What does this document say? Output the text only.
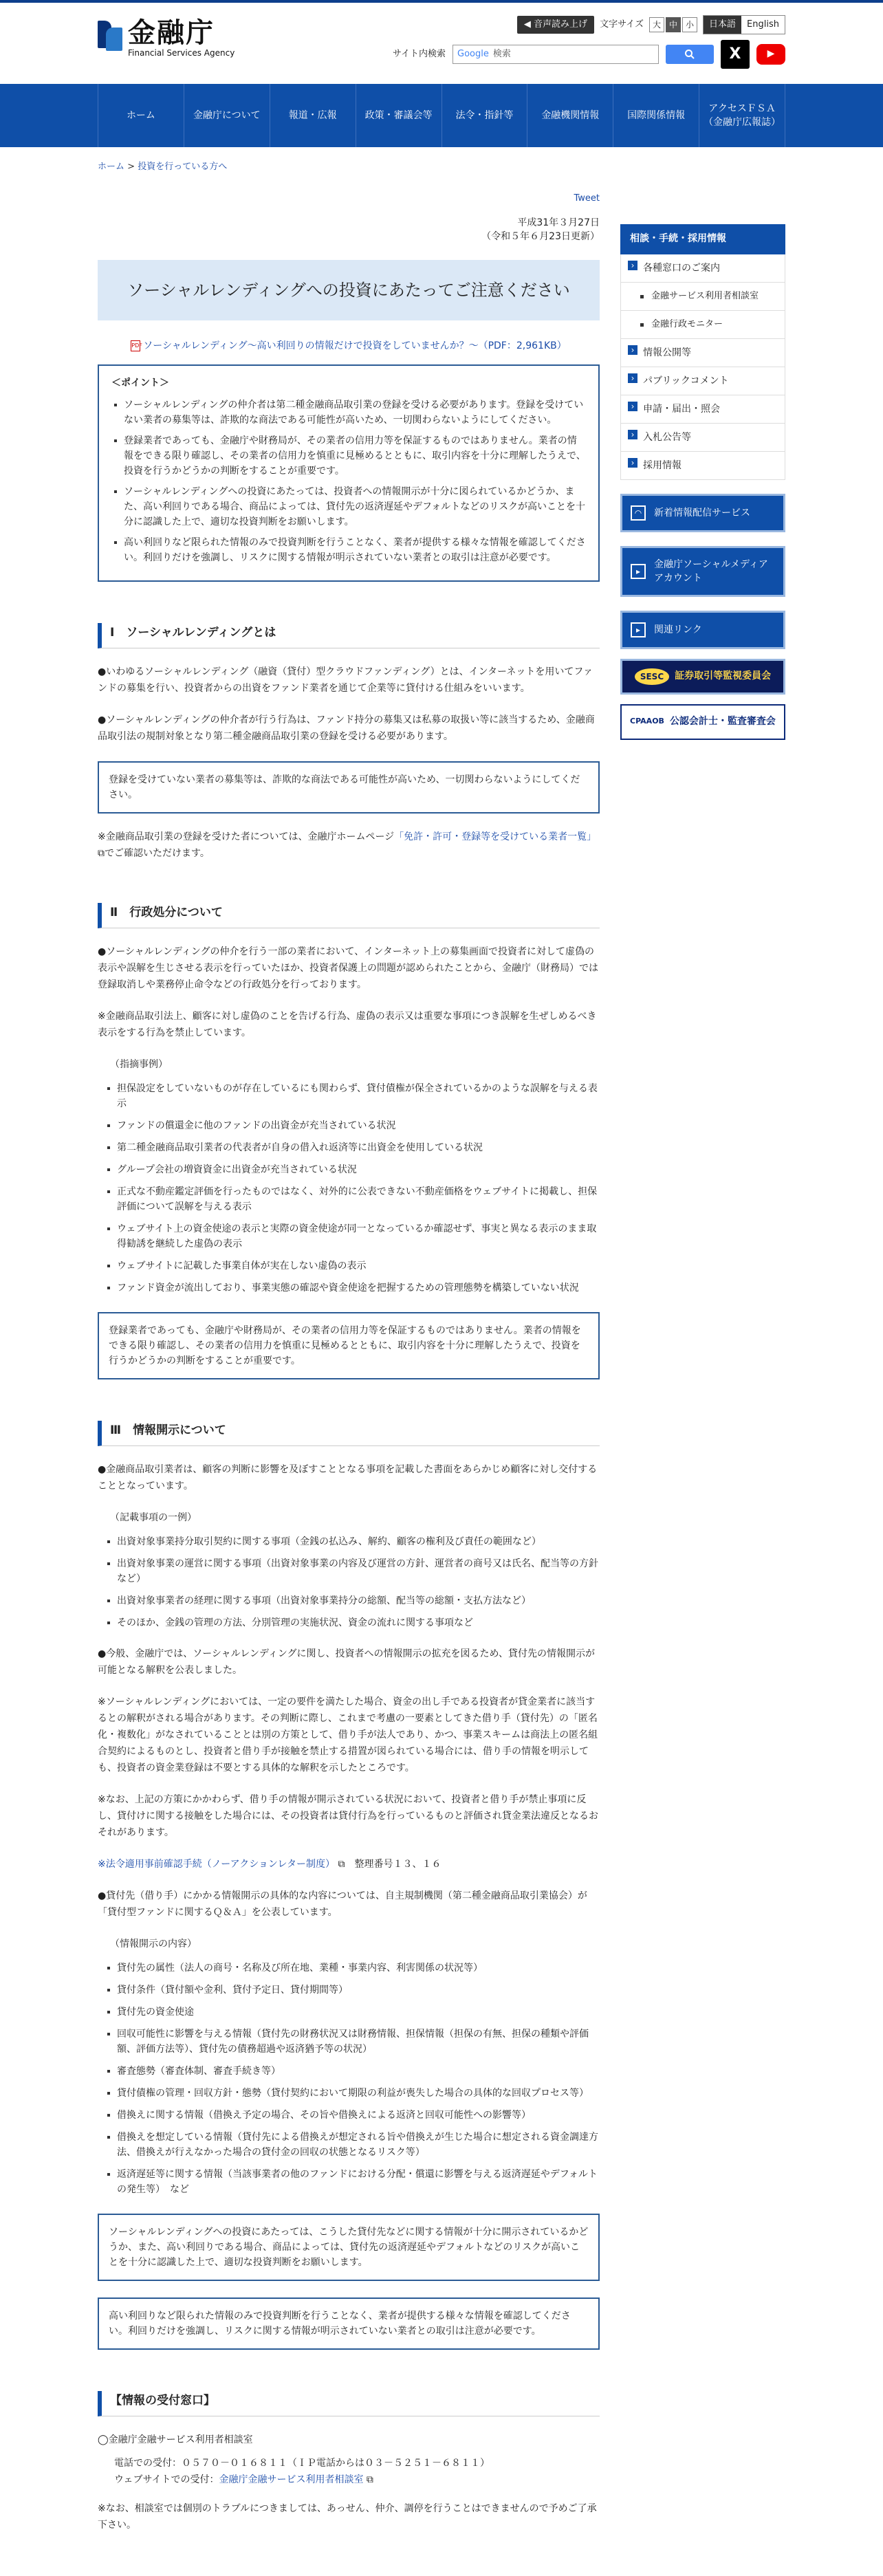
金融庁
Financial Services Agency
◀ 音声読み上げ	文字サイズ	大 中 小	日本語	English
サイト内検索 Google 検索	X	▶
ホーム	金融庁について	報道・広報	政策・審議会等	法令・指針等	金融機関情報	国際関係情報
アクセスＦＳＡ（金融庁広報誌）
ホーム > 投資を行っている方へ
Tweet
平成31年３月27日
（令和５年６月23日更新）
ソーシャルレンディングへの投資にあたってご注意ください
PDFソーシャルレンディング～高い利回りの情報だけで投資をしていませんか？～（PDF：2,961KB）
＜ポイント＞
ソーシャルレンディングの仲介者は第二種金融商品取引業の登録を受ける必要があります。登録を受けていない業者の募集等は、詐欺的な商法である可能性が高いため、一切関わらないようにしてください。
登録業者であっても、金融庁や財務局が、その業者の信用力等を保証するものではありません。業者の情報をできる限り確認し、その業者の信用力を慎重に見極めるとともに、取引内容を十分に理解したうえで、投資を行うかどうかの判断をすることが重要です。
ソーシャルレンディングへの投資にあたっては、投資者への情報開示が十分に図られているかどうか、また、高い利回りである場合、商品によっては、貸付先の返済遅延やデフォルトなどのリスクが高いことを十分に認識した上で、適切な投資判断をお願いします。
高い利回りなど限られた情報のみで投資判断を行うことなく、業者が提供する様々な情報を確認してください。利回りだけを強調し、リスクに関する情報が明示されていない業者との取引は注意が必要です。
Ⅰ　ソーシャルレンディングとは

●いわゆるソーシャルレンディング（融資（貸付）型クラウドファンディング）とは、インターネットを用いてファンドの募集を行い、投資者からの出資をファンド業者を通じて企業等に貸付ける仕組みをいいます。

●ソーシャルレンディングの仲介者が行う行為は、ファンド持分の募集又は私募の取扱い等に該当するため、金融商品取引法の規制対象となり第二種金融商品取引業の登録を受ける必要があります。

登録を受けていない業者の募集等は、詐欺的な商法である可能性が高いため、一切関わらないようにしてください。

※金融商品取引業の登録を受けた者については、金融庁ホームページ「免許・許可・登録等を受けている業者一覧」 ⧉でご確認いただけます。

Ⅱ　行政処分について

●ソーシャルレンディングの仲介を行う一部の業者において、インターネット上の募集画面で投資者に対して虚偽の表示や誤解を生じさせる表示を行っていたほか、投資者保護上の問題が認められたことから、金融庁（財務局）では登録取消しや業務停止命令などの行政処分を行っております。

※金融商品取引法上、顧客に対し虚偽のことを告げる行為、虚偽の表示又は重要な事項につき誤解を生ぜしめるべき表示をする行為を禁止しています。

（指摘事例）

担保設定をしていないものが存在しているにも関わらず、貸付債権が保全されているかのような誤解を与える表示
ファンドの償還金に他のファンドの出資金が充当されている状況
第二種金融商品取引業者の代表者が自身の借入れ返済等に出資金を使用している状況
グループ会社の増資資金に出資金が充当されている状況
正式な不動産鑑定評価を行ったものではなく、対外的に公表できない不動産価格をウェブサイトに掲載し、担保評価について誤解を与える表示
ウェブサイト上の資金使途の表示と実際の資金使途が同一となっているか確認せず、事実と異なる表示のまま取得勧誘を継続した虚偽の表示
ウェブサイトに記載した事業自体が実在しない虚偽の表示
ファンド資金が流出しており、事業実態の確認や資金使途を把握するための管理態勢を構築していない状況
登録業者であっても、金融庁や財務局が、その業者の信用力等を保証するものではありません。業者の情報をできる限り確認し、その業者の信用力を慎重に見極めるとともに、取引内容を十分に理解したうえで、投資を行うかどうかの判断をすることが重要です。
Ⅲ　情報開示について

●金融商品取引業者は、顧客の判断に影響を及ぼすこととなる事項を記載した書面をあらかじめ顧客に対し交付することとなっています。

（記載事項の一例）

出資対象事業持分取引契約に関する事項（金銭の払込み、解約、顧客の権利及び責任の範囲など）
出資対象事業の運営に関する事項（出資対象事業の内容及び運営の方針、運営者の商号又は氏名、配当等の方針など）
出資対象事業者の経理に関する事項（出資対象事業持分の総額、配当等の総額・支払方法など）
そのほか、金銭の管理の方法、分別管理の実施状況、資金の流れに関する事項など

●今般、金融庁では、ソーシャルレンディングに関し、投資者への情報開示の拡充を図るため、貸付先の情報開示が可能となる解釈を公表しました。

※ソーシャルレンディングにおいては、一定の要件を満たした場合、資金の出し手である投資者が貸金業者に該当するとの解釈がされる場合があります。その判断に際し、これまで考慮の一要素としてきた借り手（貸付先）の「匿名化・複数化」がなされていることとは別の方策として、借り手が法人であり、かつ、事業スキームは商法上の匿名組合契約によるものとし、投資者と借り手が接触を禁止する措置が図られている場合には、借り手の情報を明示しても、投資者の資金業登録は不要とする具体的な解釈を示したところです。

※なお、上記の方策にかかわらず、借り手の情報が開示されている状況において、投資者と借り手が禁止事項に反し、貸付けに関する接触をした場合には、その投資者は貸付行為を行っているものと評価され貸金業法違反となるおそれがあります。

※法令適用事前確認手続（ノーアクションレター制度） ⧉　整理番号１３、１６

●貸付先（借り手）にかかる情報開示の具体的な内容については、自主規制機関（第二種金融商品取引業協会）が「貸付型ファンドに関するＱ＆Ａ」を公表しています。

（情報開示の内容）

貸付先の属性（法人の商号・名称及び所在地、業種・事業内容、利害関係の状況等）
貸付条件（貸付額や金利、貸付予定日、貸付期間等）
貸付先の資金使途
回収可能性に影響を与える情報（貸付先の財務状況又は財務情報、担保情報（担保の有無、担保の種類や評価額、評価方法等）、貸付先の債務超過や返済猶予等の状況）
審査態勢（審査体制、審査手続き等）
貸付債権の管理・回収方針・態勢（貸付契約において期限の利益が喪失した場合の具体的な回収プロセス等）
借換えに関する情報（借換え予定の場合、その旨や借換えによる返済と回収可能性への影響等）
借換えを想定している情報（貸付先による借換えが想定される旨や借換えが生じた場合に想定される資金調達方法、借換えが行えなかった場合の貸付金の回収の状態となるリスク等）
返済遅延等に関する情報（当該事業者の他のファンドにおける分配・償還に影響を与える返済遅延やデフォルトの発生等）　など
ソーシャルレンディングへの投資にあたっては、こうした貸付先などに関する情報が十分に開示されているかどうか、また、高い利回りである場合、商品によっては、貸付先の返済遅延やデフォルトなどのリスクが高いことを十分に認識した上で、適切な投資判断をお願いします。
高い利回りなど限られた情報のみで投資判断を行うことなく、業者が提供する様々な情報を確認してください。利回りだけを強調し、リスクに関する情報が明示されていない業者との取引は注意が必要です。
【情報の受付窓口】
◯金融庁金融サービス利用者相談室
電話での受付：０５７０－０１６８１１（ＩＰ電話からは０３－５２５１－６８１１）
ウェブサイトでの受付：金融庁金融サービス利用者相談室 ⧉
※なお、相談室では個別のトラブルにつきましては、あっせん、仲介、調停を行うことはできませんので予めご了承下さい。
相談・手続・採用情報
› 各種窓口のご案内
金融サービス利用者相談室
金融行政モニター
› 情報公開等
› パブリックコメント
› 申請・届出・照会
› 入札公告等
› 採用情報
◠	新着情報配信サービス
▸
金融庁ソーシャルメディアアカウント
▸	関連リンク
SESC	証券取引等監視委員会
CPAAOB 公認会計士・監査審査会
